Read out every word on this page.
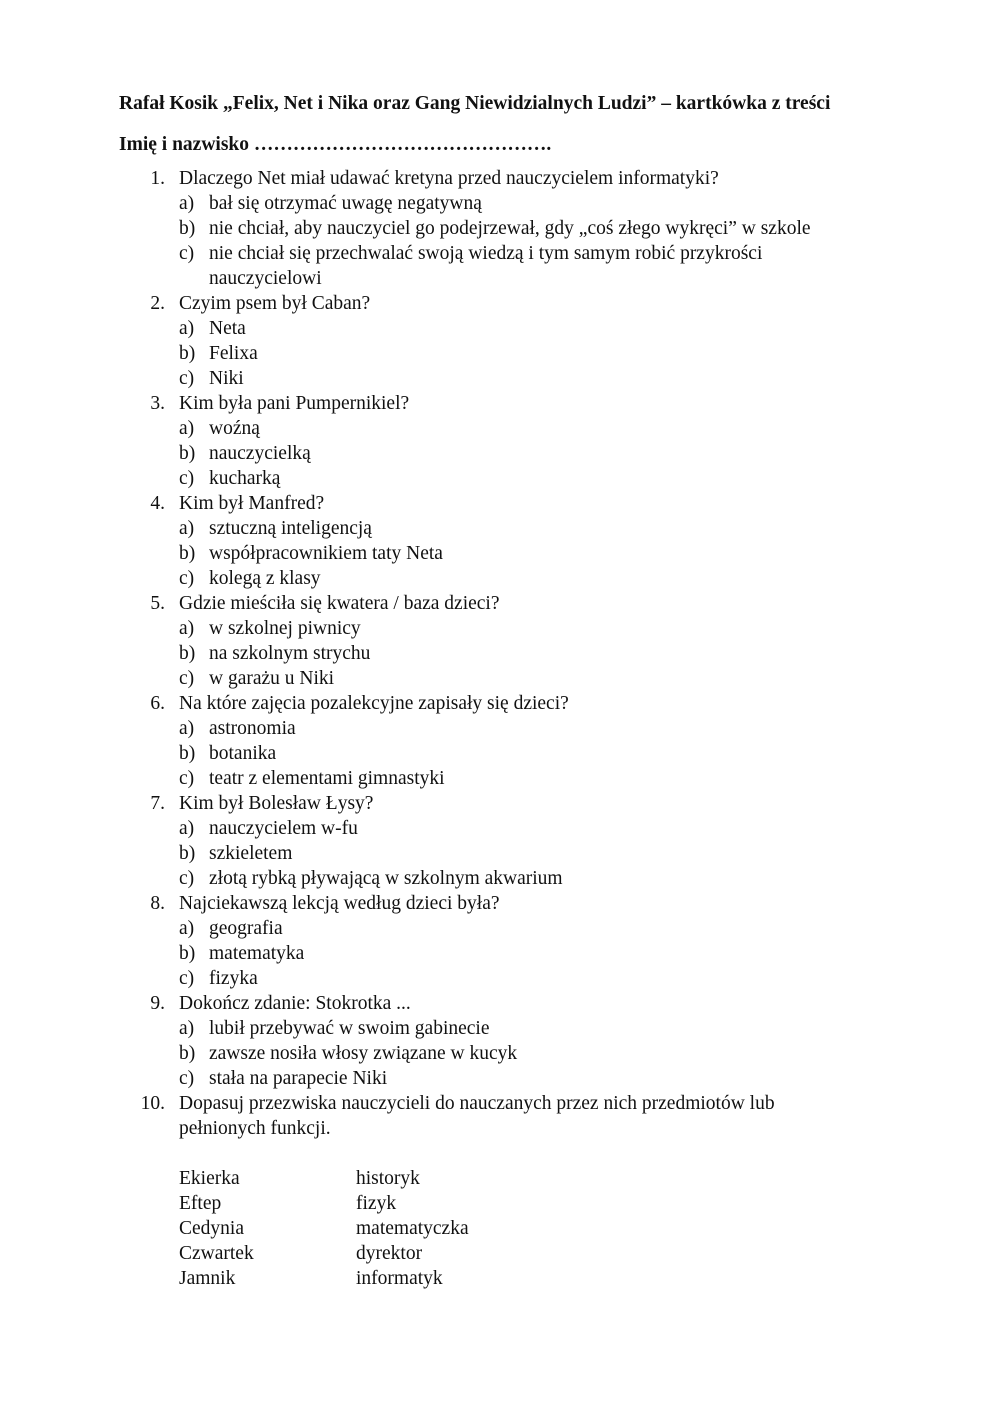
Rafał Kosik „Felix, Net i Nika oraz Gang Niewidzialnych Ludzi” – kartkówka z treści
Imię i nazwisko ……………………………………….
1. Dlaczego Net miał udawać kretyna przed nauczycielem informatyki?
a) bał się otrzymać uwagę negatywną
b) nie chciał, aby nauczyciel go podejrzewał, gdy „coś złego wykręci” w szkole
c) nie chciał się przechwalać swoją wiedzą i tym samym robić przykrości
nauczycielowi
2. Czyim psem był Caban?
a) Neta
b) Felixa
c) Niki
3. Kim była pani Pumpernikiel?
a) woźną
b) nauczycielką
c) kucharką
4. Kim był Manfred?
a) sztuczną inteligencją
b) współpracownikiem taty Neta
c) kolegą z klasy
5. Gdzie mieściła się kwatera / baza dzieci?
a) w szkolnej piwnicy
b) na szkolnym strychu
c) w garażu u Niki
6. Na które zajęcia pozalekcyjne zapisały się dzieci?
a) astronomia
b) botanika
c) teatr z elementami gimnastyki
7. Kim był Bolesław Łysy?
a) nauczycielem w-fu
b) szkieletem
c) złotą rybką pływającą w szkolnym akwarium
8. Najciekawszą lekcją według dzieci była?
a) geografia
b) matematyka
c) fizyka
9. Dokończ zdanie: Stokrotka ...
a) lubił przebywać w swoim gabinecie
b) zawsze nosiła włosy związane w kucyk
c) stała na parapecie Niki
10. Dopasuj przezwiska nauczycieli do nauczanych przez nich przedmiotów lub
pełnionych funkcji.
Ekierka	historyk
Eftep	fizyk
Cedynia	matematyczka
Czwartek	dyrektor
Jamnik	informatyk
